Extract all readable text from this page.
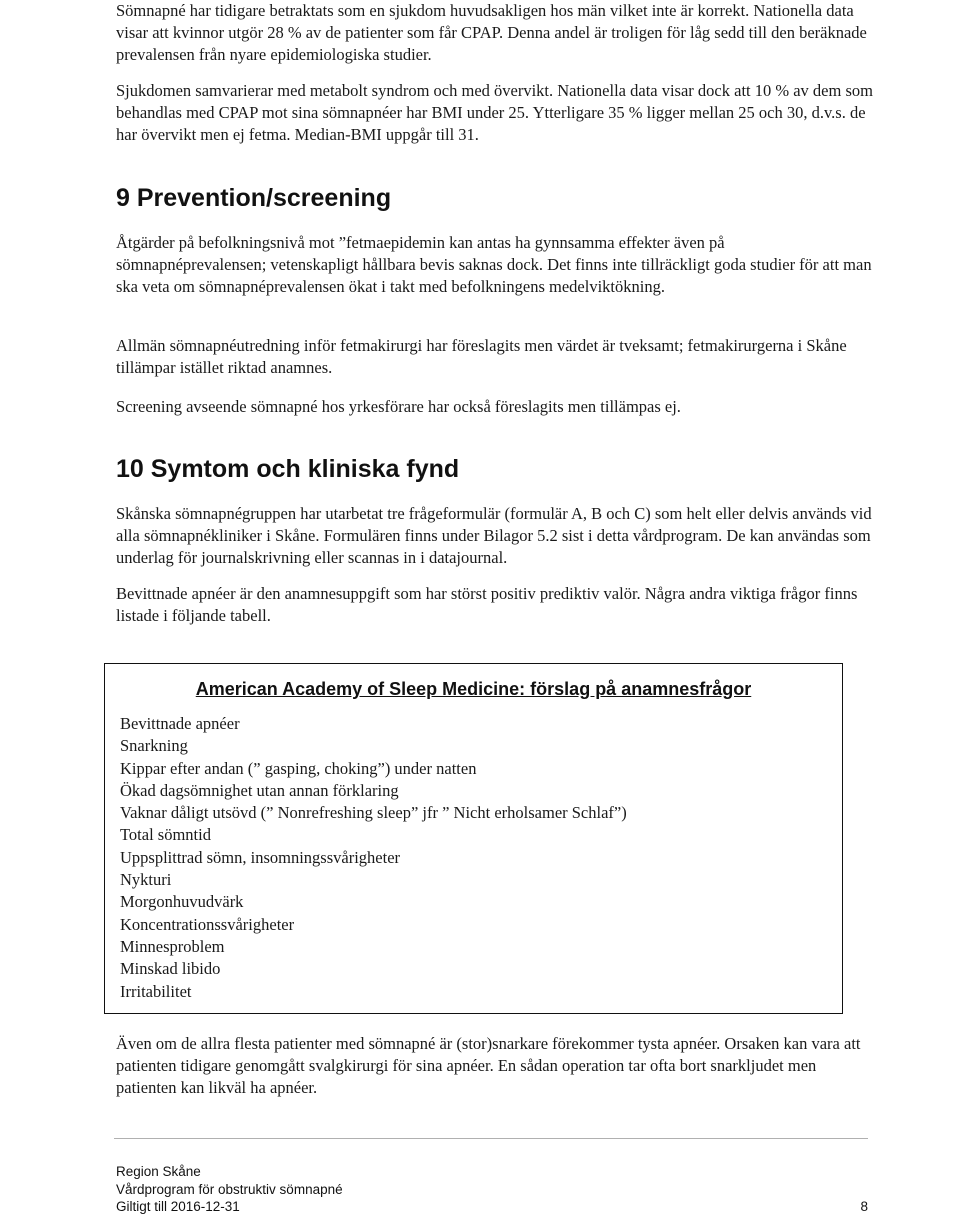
Sömnapné har tidigare betraktats som en sjukdom huvudsakligen hos män vilket inte är korrekt. Nationella data visar att kvinnor utgör 28 % av de patienter som får CPAP. Denna andel är troligen för låg sedd till den beräknade prevalensen från nyare epidemiologiska studier.

Sjukdomen samvarierar med metabolt syndrom och med övervikt. Nationella data visar dock att 10 % av dem som behandlas med CPAP mot sina sömnapnéer har BMI under 25. Ytterligare 35 % ligger mellan 25 och 30, d.v.s. de har övervikt men ej fetma. Median-BMI uppgår till 31.

9 Prevention/screening

Åtgärder på befolkningsnivå mot ”fetmaepidemin kan antas ha gynnsamma effekter även på sömnapnéprevalensen; vetenskapligt hållbara bevis saknas dock. Det finns inte tillräckligt goda studier för att man ska veta om sömnapnéprevalensen ökat i takt med befolkningens medelviktökning.

Allmän sömnapnéutredning inför fetmakirurgi har föreslagits men värdet är tveksamt; fetmakirurgerna i Skåne tillämpar istället riktad anamnes.

Screening avseende sömnapné hos yrkesförare har också föreslagits men tillämpas ej.

10 Symtom och kliniska fynd

Skånska sömnapnégruppen har utarbetat tre frågeformulär (formulär A, B och C) som helt eller delvis används vid alla sömnapnékliniker i Skåne. Formulären finns under Bilagor 5.2 sist i detta vårdprogram. De kan användas som underlag för journalskrivning eller scannas in i datajournal.

Bevittnade apnéer är den anamnesuppgift som har störst positiv prediktiv valör. Några andra viktiga frågor finns listade i följande tabell.

American Academy of Sleep Medicine: förslag på anamnesfrågor
Bevittnade apnéer
Snarkning
Kippar efter andan (” gasping, choking”) under natten
Ökad dagsömnighet utan annan förklaring
Vaknar dåligt utsövd (” Nonrefreshing sleep” jfr ” Nicht erholsamer Schlaf”)
Total sömntid
Uppsplittrad sömn, insomningssvårigheter
Nykturi
Morgonhuvudvärk
Koncentrationssvårigheter
Minnesproblem
Minskad libido
Irritabilitet

Även om de allra flesta patienter med sömnapné är (stor)snarkare förekommer tysta apnéer. Orsaken kan vara att patienten tidigare genomgått svalgkirurgi för sina apnéer. En sådan operation tar ofta bort snarkljudet men patienten kan likväl ha apnéer.

Region Skåne
Vårdprogram för obstruktiv sömnapné
Giltigt till 2016-12-31	8
